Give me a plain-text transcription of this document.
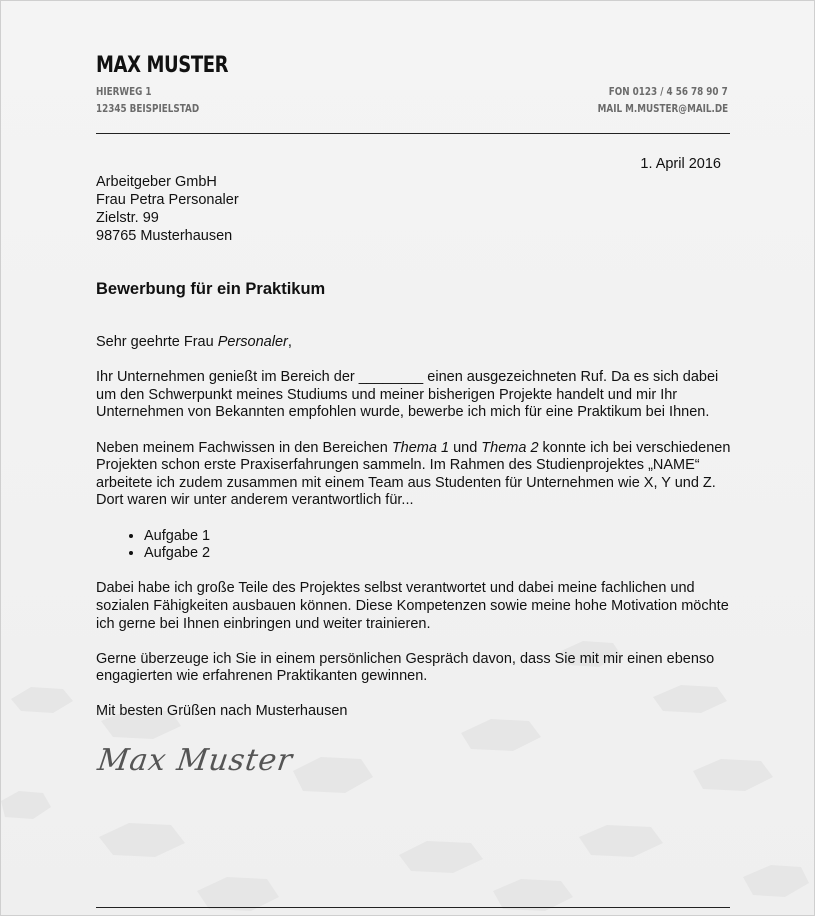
MAX MUSTER
HIERWEG 1
12345 BEISPIELSTAD
FON 0123 / 4 56 78 90 7
MAIL M.MUSTER@MAIL.DE
1. April 2016
Arbeitgeber GmbH
Frau Petra Personaler
Zielstr. 99
98765 Musterhausen
Bewerbung für ein Praktikum

Sehr geehrte Frau Personaler,

Ihr Unternehmen genießt im Bereich der ________ einen ausgezeichneten Ruf. Da es sich dabei um den Schwerpunkt meines Studiums und meiner bisherigen Projekte handelt und mir Ihr Unternehmen von Bekannten empfohlen wurde, bewerbe ich mich für eine Praktikum bei Ihnen.

Neben meinem Fachwissen in den Bereichen Thema 1 und Thema 2 konnte ich bei verschiedenen Projekten schon erste Praxiserfahrungen sammeln. Im Rahmen des Studienprojektes „NAME“ arbeitete ich zudem zusammen mit einem Team aus Studenten für Unternehmen wie X, Y und Z. Dort waren wir unter anderem verantwortlich für...

• Aufgabe 1
• Aufgabe 2

Dabei habe ich große Teile des Projektes selbst verantwortet und dabei meine fachlichen und sozialen Fähigkeiten ausbauen können. Diese Kompetenzen sowie meine hohe Motivation möchte ich gerne bei Ihnen einbringen und weiter trainieren.

Gerne überzeuge ich Sie in einem persönlichen Gespräch davon, dass Sie mit mir einen ebenso engagierten wie erfahrenen Praktikanten gewinnen.

Mit besten Grüßen nach Musterhausen

Max Muster
